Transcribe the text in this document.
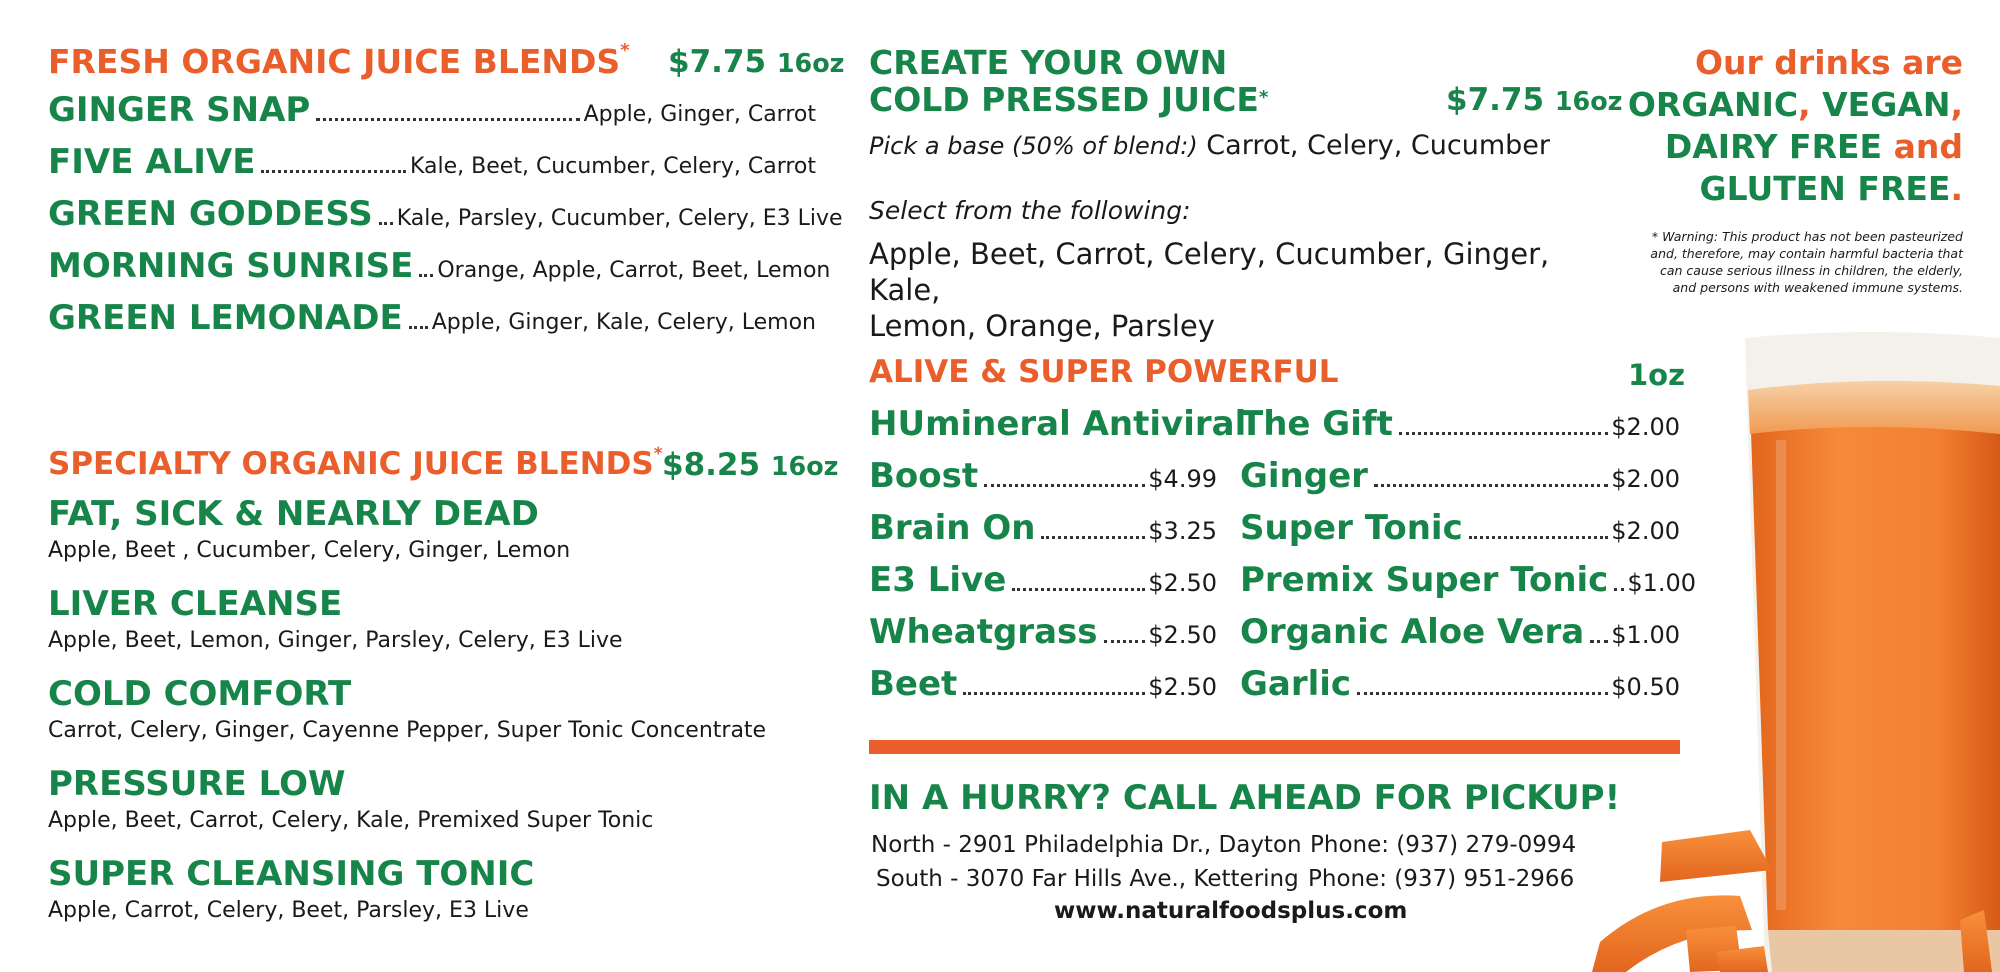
FRESH ORGANIC JUICE BLENDS* $7.75 16oz
GINGER SNAP	Apple, Ginger, Carrot
FIVE ALIVE	Kale, Beet, Cucumber, Celery, Carrot
GREEN GODDESS Kale, Parsley, Cucumber, Celery, E3 Live
MORNING SUNRISE Orange, Apple, Carrot, Beet, Lemon
GREEN LEMONADE Apple, Ginger, Kale, Celery, Lemon
SPECIALTY ORGANIC JUICE BLENDS* $8.25 16oz
FAT, SICK & NEARLY DEAD
Apple, Beet , Cucumber, Celery, Ginger, Lemon
LIVER CLEANSE
Apple, Beet, Lemon, Ginger, Parsley, Celery, E3 Live
COLD COMFORT
Carrot, Celery, Ginger, Cayenne Pepper, Super Tonic Concentrate
PRESSURE LOW
Apple, Beet, Carrot, Celery, Kale, Premixed Super Tonic
SUPER CLEANSING TONIC
Apple, Carrot, Celery, Beet, Parsley, E3 Live
CREATE YOUR OWN
COLD PRESSED JUICE*	$7.75 16oz
Pick a base (50% of blend:) Carrot, Celery, Cucumber
Select from the following:
Apple, Beet, Carrot, Celery, Cucumber, Ginger, Kale,
Lemon, Orange, Parsley
ALIVE & SUPER POWERFUL	1oz
HUmineral Antiviral
Boost	$4.99
Brain On	$3.25
E3 Live	$2.50
Wheatgrass $2.50
Beet	$2.50
The Gift	$2.00
Ginger	$2.00
Super Tonic	$2.00
Premix Super Tonic $1.00
Organic Aloe Vera $1.00
Garlic	$0.50
IN A HURRY? CALL AHEAD FOR PICKUP!
North - 2901 Philadelphia Dr., Dayton Phone: (937) 279-0994
South - 3070 Far Hills Ave., Kettering Phone: (937) 951-2966
www.naturalfoodsplus.com
Our drinks are
ORGANIC, VEGAN,
DAIRY FREE and
GLUTEN FREE.
* Warning: This product has not been pasteurized and, therefore, may contain harmful bacteria that can cause serious illness in children, the elderly, and persons with weakened immune systems.
